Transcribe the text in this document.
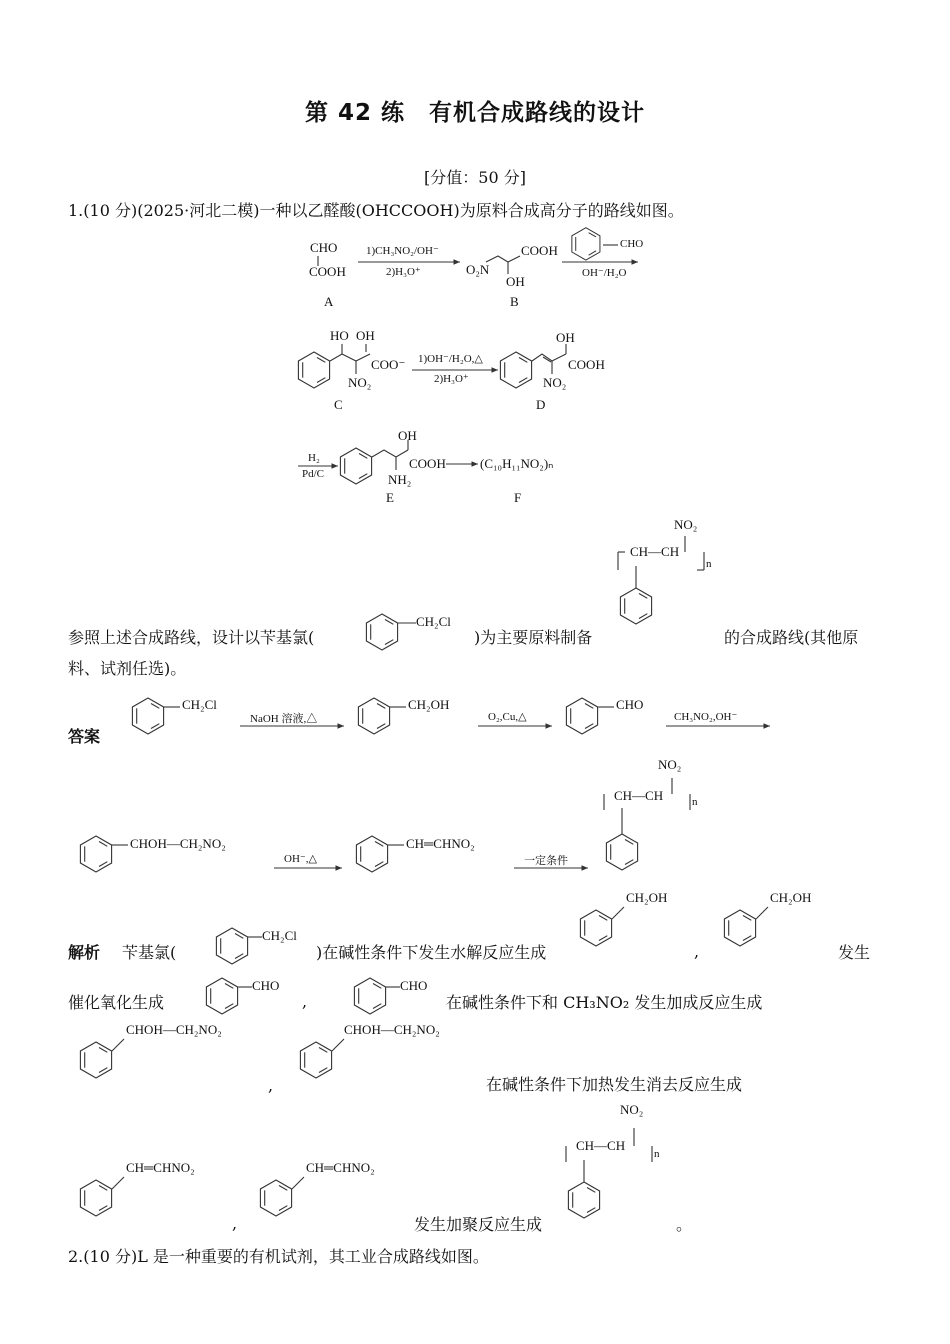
第 42 练　有机合成路线的设计
[分值：50 分]
1.(10 分)(2025·河北二模)一种以乙醛酸(OHCCOOH)为原料合成高分子的路线如图。
CHO
COOH
A
1)CH₃NO₂/OH⁻
2)H₃O⁺	O₂N
COOH
OH
B
CHO
OH⁻/H₂O
HO OH
COO⁻
NO₂
C
1)OH⁻/H₂O,△
2)H₃O⁺
OH
COOH
NO₂
D
H₂
Pd/C
OH
COOH
NH₂
E
(C₁₀H₁₁NO₂)ₙ
F
参照上述合成路线，设计以苄基氯(
CH₂Cl
)为主要原料制备
NO₂
CH—CH
n
的合成路线(其他原
料、试剂任选)。
答案
CH₂Cl
NaOH 溶液,△
CH₂OH
O₂,Cu,△
CHO
CH₃NO₂,OH⁻
NO₂
CH—CH	n
CHOH—CH₂NO₂
OH⁻,△
CH═CHNO₂
一定条件
解析 苄基氯(
CH₂Cl
)在碱性条件下发生水解反应生成
CH₂OH
,
CH₂OH
发生
催化氧化生成
CHO
,
CHO
在碱性条件下和 CH₃NO₂ 发生加成反应生成
CHOH—CH₂NO₂
,
CHOH—CH₂NO₂
在碱性条件下加热发生消去反应生成
CH═CHNO₂
,
CH═CHNO₂
发生加聚反应生成
NO₂
CH—CH
n
。
2.(10 分)L 是一种重要的有机试剂，其工业合成路线如图。
